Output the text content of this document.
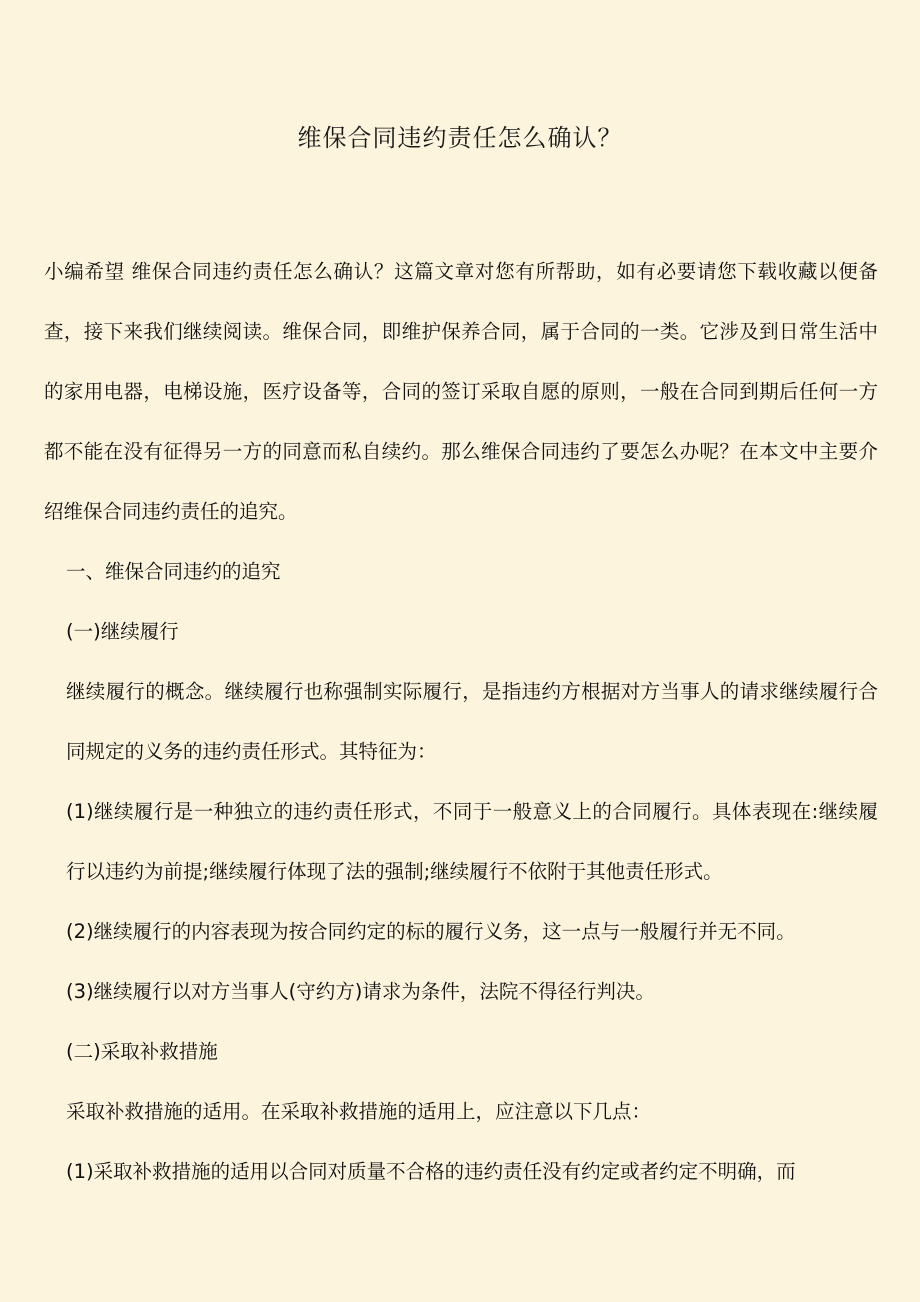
维保合同违约责任怎么确认？

小编希望 维保合同违约责任怎么确认？这篇文章对您有所帮助，如有必要请您下载收藏以便备查，接下来我们继续阅读。维保合同，即维护保养合同，属于合同的一类。它涉及到日常生活中的家用电器，电梯设施，医疗设备等，合同的签订采取自愿的原则，一般在合同到期后任何一方都不能在没有征得另一方的同意而私自续约。那么维保合同违约了要怎么办呢？在本文中主要介绍维保合同违约责任的追究。

一、维保合同违约的追究

(一)继续履行

继续履行的概念。继续履行也称强制实际履行，是指违约方根据对方当事人的请求继续履行合同规定的义务的违约责任形式。其特征为：

(1)继续履行是一种独立的违约责任形式，不同于一般意义上的合同履行。具体表现在:继续履行以违约为前提;继续履行体现了法的强制;继续履行不依附于其他责任形式。

(2)继续履行的内容表现为按合同约定的标的履行义务，这一点与一般履行并无不同。

(3)继续履行以对方当事人(守约方)请求为条件，法院不得径行判决。

(二)采取补救措施

采取补救措施的适用。在采取补救措施的适用上，应注意以下几点：

(1)采取补救措施的适用以合同对质量不合格的违约责任没有约定或者约定不明确，而
